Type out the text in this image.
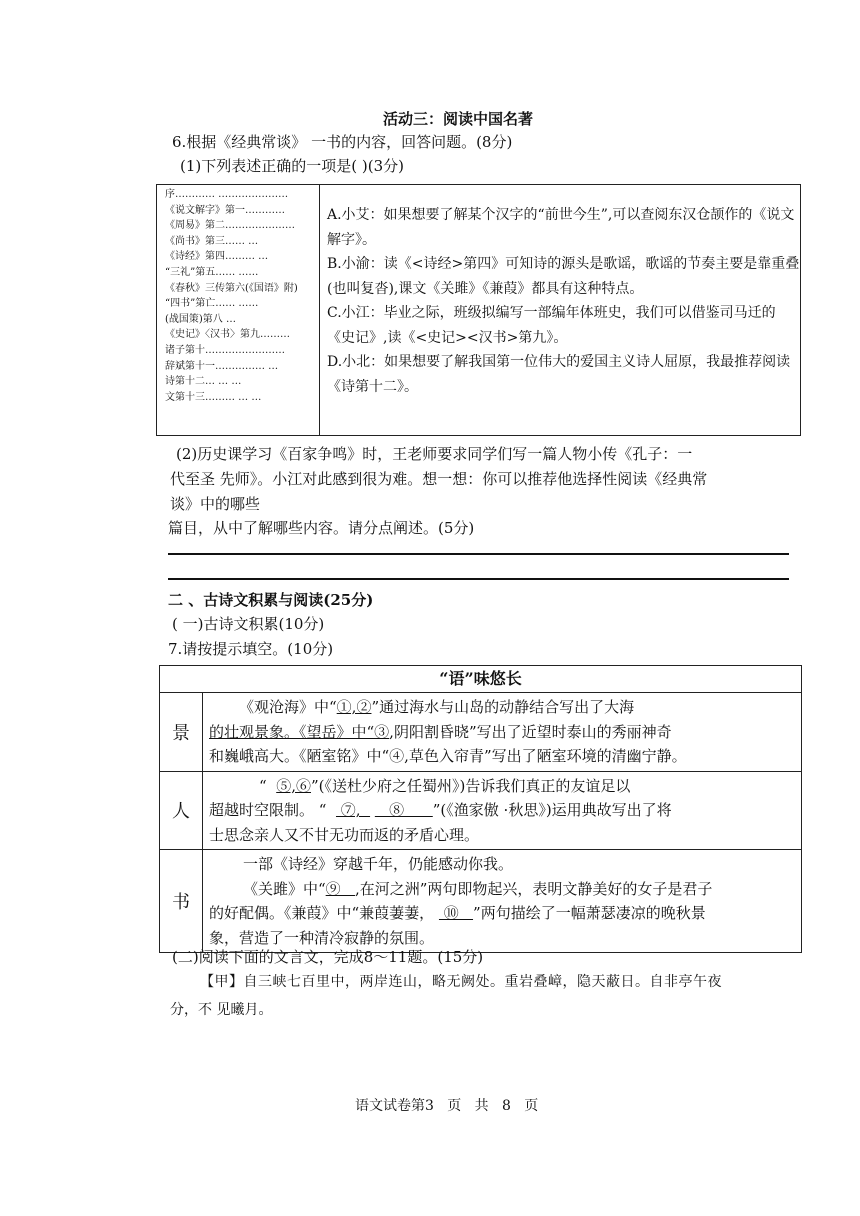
活动三：阅读中国名著
6.根据《经典常谈》 一书的内容，回答问题。(8分)
(1)下列表述正确的一项是( )(3分)
序………… …………………
《说文解字》第一…………
《周易》第二…………………
《尚书》第三…… …
《诗经》第四……… …
“三礼”第五…… ……
《春秋》三传第六(《国语》附)
“四书”第亡…… ……
(战国策)第八 …
《史记》〈汉书〉第九………
诸子第十……………………
辞斌第十一…………… …
诗第十二… … …
文第十三……… … …

A.小艾：如果想要了解某个汉字的“前世今生”,可以查阅东汉仓颉作的《说文解字》。

B.小渝：读《<诗经>第四》可知诗的源头是歌谣，歌谣的节奏主要是靠重叠(也叫复沓),课文《关雎》《兼葭》都具有这种特点。

C.小江：毕业之际，班级拟编写一部编年体班史，我们可以借鉴司马迁的《史记》,读《<史记><汉书>第九》。

D.小北：如果想要了解我国第一位伟大的爱国主义诗人屈原，我最推荐阅读《诗第十二》。

(2)历史课学习《百家争鸣》时，王老师要求同学们写一篇人物小传《孔子：一
代至圣 先师》。小江对此感到很为难。想一想：你可以推荐他选择性阅读《经典常
谈》中的哪些
篇目，从中了解哪些内容。请分点阐述。(5分)
二 、古诗文积累与阅读(25分)
( 一)古诗文积累(10分)
7.请按提示填空。(10分)
“语”味悠长	
景	《观沧海》中“①,②”通过海水与山岛的动静结合写出了大海
的壮观景象。《望岳》中“③,阴阳割昏晓”写出了近望时泰山的秀丽神奇
和巍峨高大。《陋室铭》中“④,草色入帘青”写出了陋室环境的清幽宁静。

人	“  ⑤,⑥”(《送杜少府之任蜀州》)告诉我们真正的友谊足以
超越时空限制。 “   ⑦,      ⑧      ”(《渔家傲 ·秋思》)运用典故写出了将
士思念亲人又不甘无功而返的矛盾心理。

书	一部《诗经》穿越千年，仍能感动你我。
《关雎》中“⑨   ,在河之洲”两句即物起兴，表明文静美好的女子是君子
的好配偶。《兼葭》中“兼葭萋萋，  ⑩   ”两句描绘了一幅萧瑟凄凉的晚秋景
象，营造了一种清冷寂静的氛围。
(二)阅读下面的文言文，完成8～11题。(15分)
【甲】自三峡七百里中，两岸连山，略无阙处。重岩叠嶂，隐天蔽日。自非亭午夜
分，不 见曦月。
语文试卷第3   页   共   8   页
